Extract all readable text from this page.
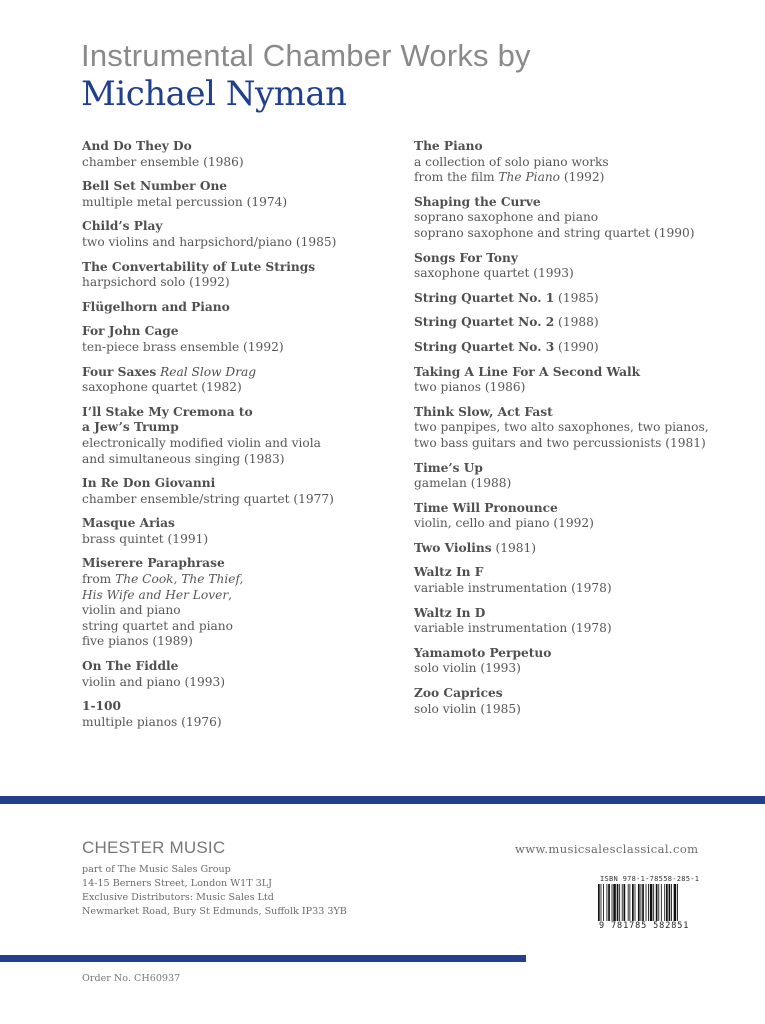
Instrumental Chamber Works by
Michael Nyman
And Do They Do
chamber ensemble (1986)
Bell Set Number One
multiple metal percussion (1974)
Child’s Play
two violins and harpsichord/piano (1985)
The Convertability of Lute Strings
harpsichord solo (1992)
Flügelhorn and Piano
For John Cage
ten-piece brass ensemble (1992)
Four Saxes Real Slow Drag
saxophone quartet (1982)
I’ll Stake My Cremona to
a Jew’s Trump
electronically modified violin and viola
and simultaneous singing (1983)
In Re Don Giovanni
chamber ensemble/string quartet (1977)
Masque Arias
brass quintet (1991)
Miserere Paraphrase
from The Cook, The Thief,
His Wife and Her Lover,
violin and piano
string quartet and piano
five pianos (1989)
On The Fiddle
violin and piano (1993)
1-100
multiple pianos (1976)
The Piano
a collection of solo piano works
from the film The Piano (1992)
Shaping the Curve
soprano saxophone and piano
soprano saxophone and string quartet (1990)
Songs For Tony
saxophone quartet (1993)
String Quartet No. 1 (1985)
String Quartet No. 2 (1988)
String Quartet No. 3 (1990)
Taking A Line For A Second Walk
two pianos (1986)
Think Slow, Act Fast
two panpipes, two alto saxophones, two pianos,
two bass guitars and two percussionists (1981)
Time’s Up
gamelan (1988)
Time Will Pronounce
violin, cello and piano (1992)
Two Violins (1981)
Waltz In F
variable instrumentation (1978)
Waltz In D
variable instrumentation (1978)
Yamamoto Perpetuo
solo violin (1993)
Zoo Caprices
solo violin (1985)
CHESTER MUSIC
part of The Music Sales Group
14-15 Berners Street, London W1T 3LJ
Exclusive Distributors: Music Sales Ltd
Newmarket Road, Bury St Edmunds, Suffolk IP33 3YB
www.musicsalesclassical.com
ISBN 978-1-78558-285-1
9 781785 582851
Order No. CH60937
